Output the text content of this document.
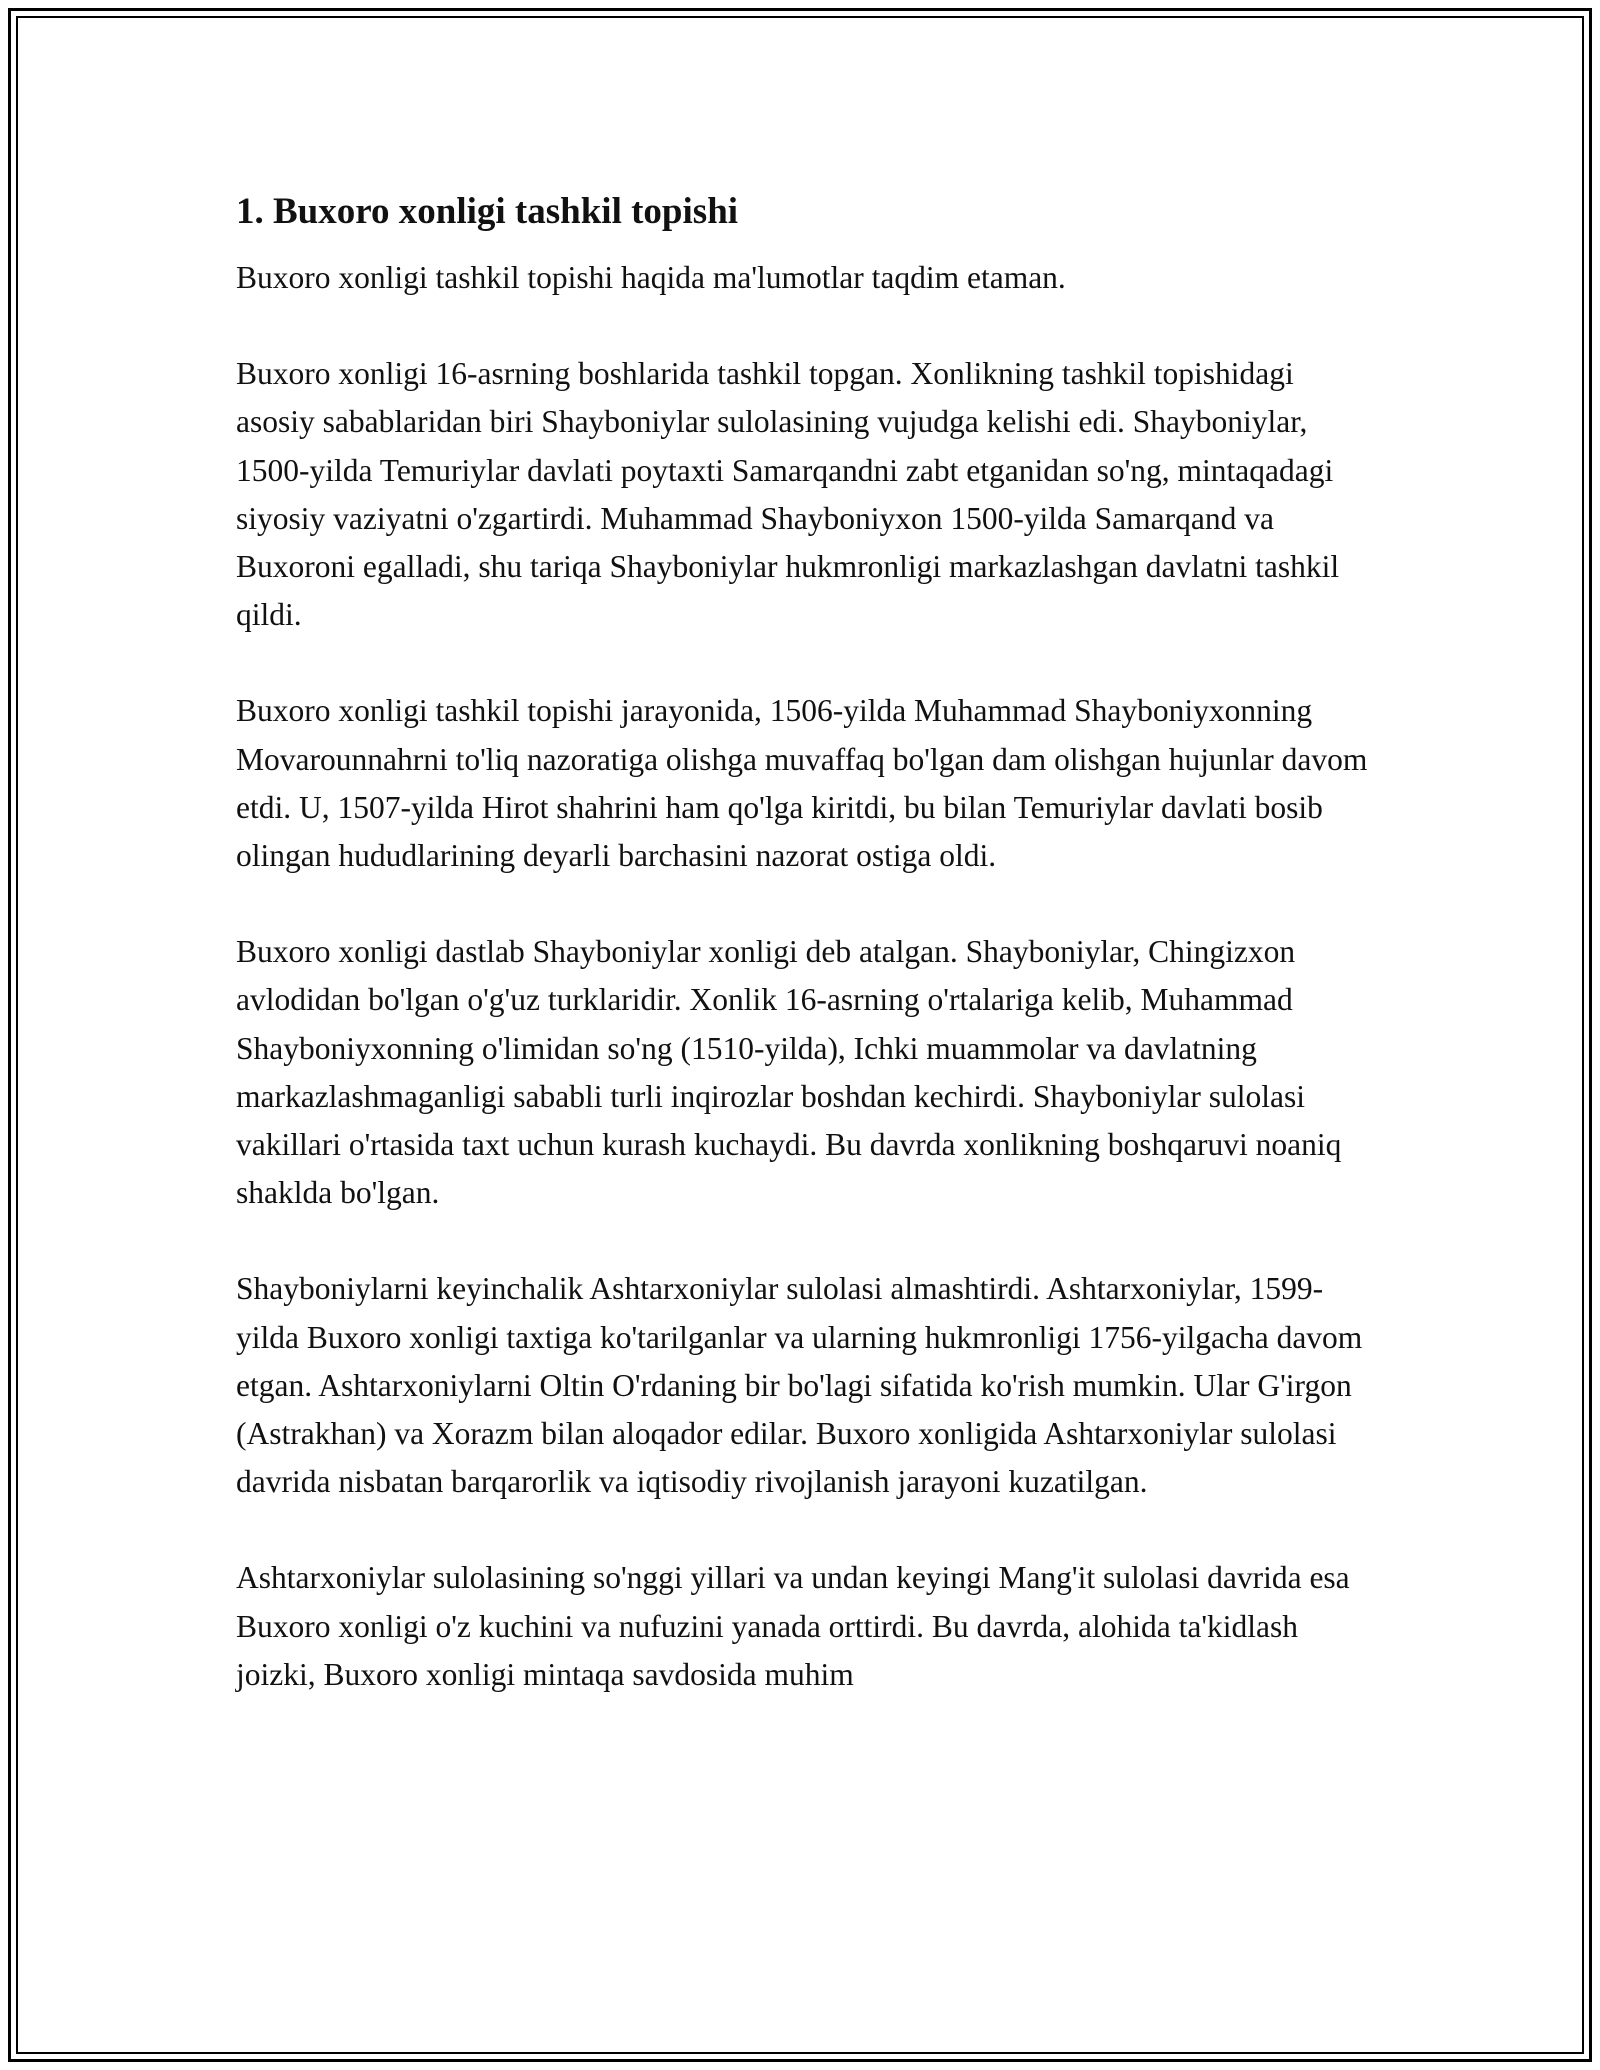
1. Buxoro xonligi tashkil topishi

Buxoro xonligi tashkil topishi haqida ma'lumotlar taqdim etaman.

Buxoro xonligi 16-asrning boshlarida tashkil topgan. Xonlikning tashkil topishidagi asosiy sabablaridan biri Shayboniylar sulolasining vujudga kelishi edi. Shayboniylar, 1500-yilda Temuriylar davlati poytaxti Samarqandni zabt etganidan so'ng, mintaqadagi siyosiy vaziyatni o'zgartirdi. Muhammad Shayboniyxon 1500-yilda Samarqand va Buxoroni egalladi, shu tariqa Shayboniylar hukmronligi markazlashgan davlatni tashkil qildi.

Buxoro xonligi tashkil topishi jarayonida, 1506-yilda Muhammad Shayboniyxonning Movarounnahrni to'liq nazoratiga olishga muvaffaq bo'lgan dam olishgan hujunlar davom etdi. U, 1507-yilda Hirot shahrini ham qo'lga kiritdi, bu bilan Temuriylar davlati bosib olingan hududlarining deyarli barchasini nazorat ostiga oldi.

Buxoro xonligi dastlab Shayboniylar xonligi deb atalgan. Shayboniylar, Chingizxon avlodidan bo'lgan o'g'uz turklaridir. Xonlik 16-asrning o'rtalariga kelib, Muhammad Shayboniyxonning o'limidan so'ng (1510-yilda), Ichki muammolar va davlatning markazlashmaganligi sababli turli inqirozlar boshdan kechirdi. Shayboniylar sulolasi vakillari o'rtasida taxt uchun kurash kuchaydi. Bu davrda xonlikning boshqaruvi noaniq shaklda bo'lgan.

Shayboniylarni keyinchalik Ashtarxoniylar sulolasi almashtirdi. Ashtarxoniylar, 1599-yilda Buxoro xonligi taxtiga ko'tarilganlar va ularning hukmronligi 1756-yilgacha davom etgan. Ashtarxoniylarni Oltin O'rdaning bir bo'lagi sifatida ko'rish mumkin. Ular G'irgon (Astrakhan) va Xorazm bilan aloqador edilar. Buxoro xonligida Ashtarxoniylar sulolasi davrida nisbatan barqarorlik va iqtisodiy rivojlanish jarayoni kuzatilgan.

Ashtarxoniylar sulolasining so'nggi yillari va undan keyingi Mang'it sulolasi davrida esa Buxoro xonligi o'z kuchini va nufuzini yanada orttirdi. Bu davrda, alohida ta'kidlash joizki, Buxoro xonligi mintaqa savdosida muhim
